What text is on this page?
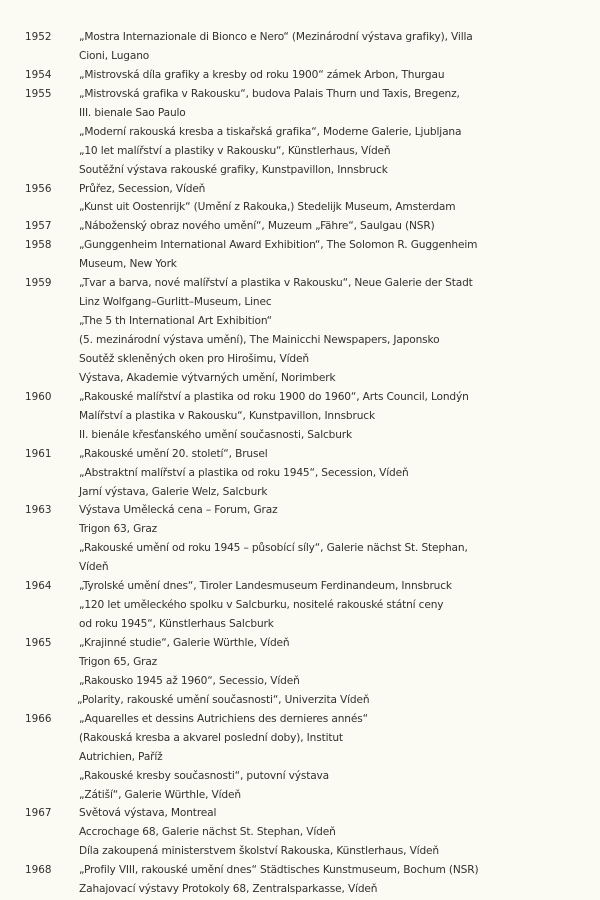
1952	„Mostra Internazionale di Bionco e Nero“ (Mezinárodní výstava grafiky), Villa
Cioni, Lugano
1954	„Mistrovská díla grafiky a kresby od roku 1900“ zámek Arbon, Thurgau
1955	„Mistrovská grafika v Rakousku“, budova Palais Thurn und Taxis, Bregenz,
III. bienale Sao Paulo
„Moderní rakouská kresba a tiskařská grafika“, Moderne Galerie, Ljubljana
„10 let malířství a plastiky v Rakousku“, Künstlerhaus, Vídeň
Soutěžní výstava rakouské grafiky, Kunstpavillon, Innsbruck
1956	Průřez, Secession, Vídeň
„Kunst uit Oostenrijk“ (Umění z Rakouka,) Stedelijk Museum, Amsterdam
1957	„Náboženský obraz nového umění“, Muzeum „Fähre“, Saulgau (NSR)
1958	„Gunggenheim International Award Exhibition“, The Solomon R. Guggenheim
Museum, New York
1959	„Tvar a barva, nové malířství a plastika v Rakousku“, Neue Galerie der Stadt
Linz Wolfgang–Gurlitt–Museum, Linec
„The 5 th International Art Exhibition“
(5. mezinárodní výstava umění), The Mainicchi Newspapers, Japonsko
Soutěž skleněných oken pro Hirošimu, Vídeň
Výstava, Akademie výtvarných umění, Norimberk
1960	„Rakouské malířství a plastika od roku 1900 do 1960“, Arts Council, Londýn
Malířství a plastika v Rakousku“, Kunstpavillon, Innsbruck
II. bienále křesťanského umění současnosti, Salcburk
1961	„Rakouské umění 20. století“, Brusel
„Abstraktní malířství a plastika od roku 1945“, Secession, Vídeň
Jarní výstava, Galerie Welz, Salcburk
1963	Výstava Umělecká cena – Forum, Graz
Trigon 63, Graz
„Rakouské umění od roku 1945 – působící síly“, Galerie nächst St. Stephan,
Vídeň
1964	„Tyrolské umění dnes“, Tiroler Landesmuseum Ferdinandeum, Innsbruck
„120 let uměleckého spolku v Salcburku, nositelé rakouské státní ceny
od roku 1945“, Künstlerhaus Salcburk
1965	„Krajinné studie“, Galerie Würthle, Vídeň
Trigon 65, Graz
„Rakousko 1945 až 1960“, Secessio, Vídeň
„Polarity, rakouské umění současnosti“, Univerzita Vídeň
1966	„Aquarelles et dessins Autrichiens des dernieres annés“
(Rakouská kresba a akvarel poslední doby), Institut
Autrichien, Paříž
„Rakouské kresby současnosti“, putovní výstava
„Zátiší“, Galerie Würthle, Vídeň
1967	Světová výstava, Montreal
Accrochage 68, Galerie nächst St. Stephan, Vídeň
Díla zakoupená ministerstvem školství Rakouska, Künstlerhaus, Vídeň
1968	„Profily VIII, rakouské umění dnes“ Städtisches Kunstmuseum, Bochum (NSR)
Zahajovací výstavy Protokoly 68, Zentralsparkasse, Vídeň
